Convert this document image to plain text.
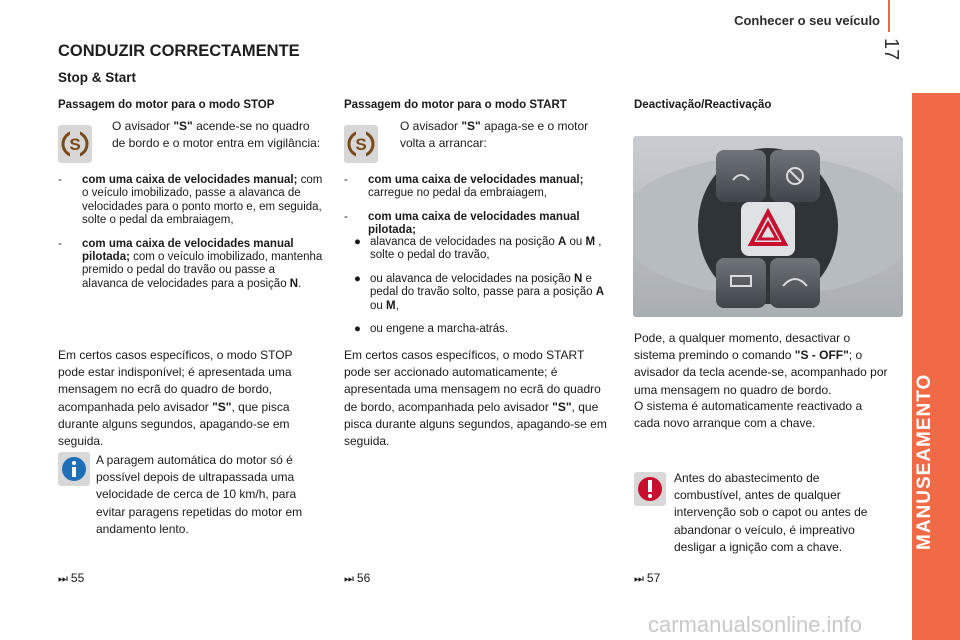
Conhecer o seu veículo
17
CONDUZIR CORRECTAMENTE
Stop & Start
Passagem do motor para o modo STOP
S
O avisador "S" acende-se no quadro de bordo e o motor entra em vigilância:
- com uma caixa de velocidades manual; com o veículo imobilizado, passe a alavanca de velocidades para o ponto morto e, em seguida, solte o pedal da embraiagem,
- com uma caixa de velocidades manual pilotada; com o veículo imobilizado, mantenha premido o pedal do travão ou passe a alavanca de velocidades para a posição N.
Em certos casos específicos, o modo STOP pode estar indisponível; é apresentada uma mensagem no ecrã do quadro de bordo, acompanhada pelo avisador "S", que pisca durante alguns segundos, apagando-se em seguida.
A paragem automática do motor só é possível depois de ultrapassada uma velocidade de cerca de 10 km/h, para evitar paragens repetidas do motor em andamento lento.
⏭ 55
Passagem do motor para o modo START
S
O avisador "S" apaga-se e o motor volta a arrancar:
- com uma caixa de velocidades manual; carregue no pedal da embraiagem,
- com uma caixa de velocidades manual pilotada;
● alavanca de velocidades na posição A ou M , solte o pedal do travão,
● ou alavanca de velocidades na posição N e pedal do travão solto, passe para a posição A ou M,
● ou engene a marcha-atrás.
Em certos casos específicos, o modo START pode ser accionado automaticamente; é apresentada uma mensagem no ecrã do quadro de bordo, acompanhada pelo avisador "S", que pisca durante alguns segundos, apagando-se em seguida.
⏭ 56
Deactivação/Reactivação
Pode, a qualquer momento, desactivar o sistema premindo o comando "S - OFF"; o avisador da tecla acende-se, acompanhado por uma mensagem no quadro de bordo.
O sistema é automaticamente reactivado a cada novo arranque com a chave.
Antes do abastecimento de combustível, antes de qualquer intervenção sob o capot ou antes de abandonar o veículo, é impreativo desligar a ignição com a chave.
⏭ 57
carmanualsonline.info
